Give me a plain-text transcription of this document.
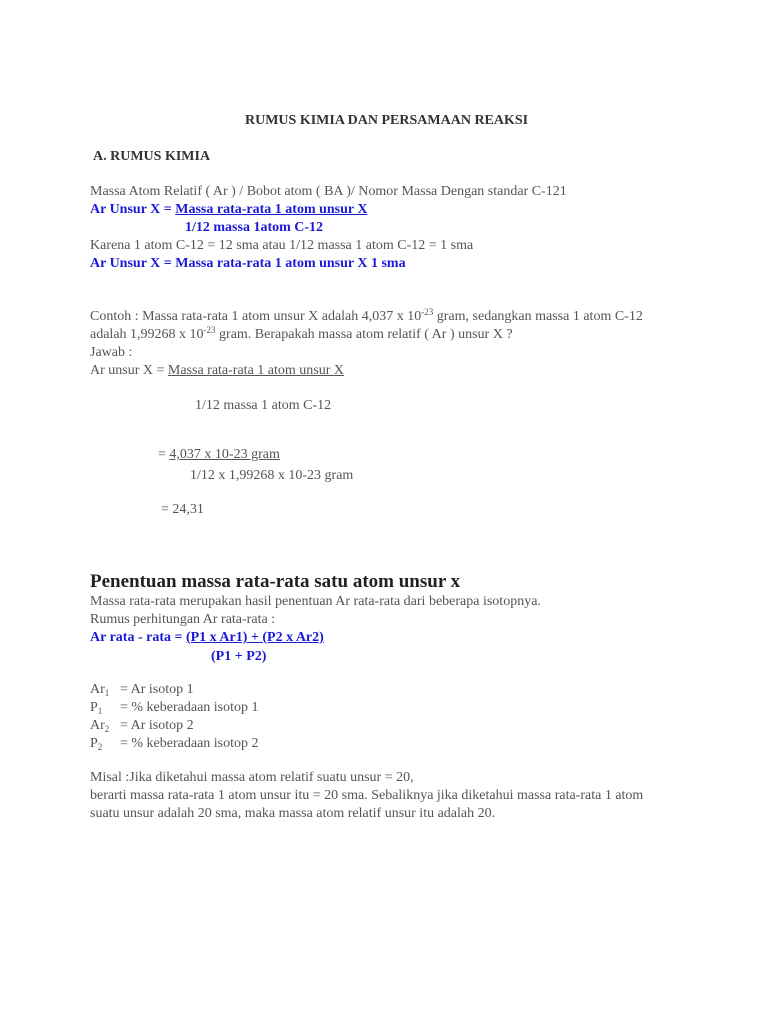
RUMUS KIMIA DAN PERSAMAAN REAKSI
A. RUMUS KIMIA
Massa Atom Relatif ( Ar ) / Bobot atom ( BA )/ Nomor Massa Dengan standar C-121
Ar Unsur X = Massa rata-rata 1 atom unsur X
1/12 massa 1atom C-12
Karena 1 atom C-12 = 12 sma atau 1/12 massa 1 atom C-12 = 1 sma
Ar Unsur X = Massa rata-rata 1 atom unsur X 1 sma
Contoh : Massa rata-rata 1 atom unsur X adalah 4,037 x $10^{-23}$ gram, sedangkan massa 1 atom C-12
adalah 1,99268 x $10^{-23}$ gram. Berapakah massa atom relatif ( Ar ) unsur X ?
Jawab :
Ar unsur X = Massa rata-rata 1 atom unsur X
1/12 massa 1 atom C-12
= 4,037 x 10-23 gram
1/12 x 1,99268 x 10-23 gram
= 24,31
Penentuan massa rata-rata satu atom unsur x
Massa rata-rata merupakan hasil penentuan Ar rata-rata dari beberapa isotopnya.
Rumus perhitungan Ar rata-rata :
Ar rata - rata = (P1 x Ar1) + (P2 x Ar2)
(P1 + P2)
$Ar_1 = Ar$ isotop 1
$P_1$ = % keberadaan isotop 1
$Ar_2 = Ar$ isotop 2
$P_2$ = % keberadaan isotop 2
Misal :Jika diketahui massa atom relatif suatu unsur = 20,
berarti massa rata-rata 1 atom unsur itu = 20 sma. Sebaliknya jika diketahui massa rata-rata 1 atom
suatu unsur adalah 20 sma, maka massa atom relatif unsur itu adalah 20.
